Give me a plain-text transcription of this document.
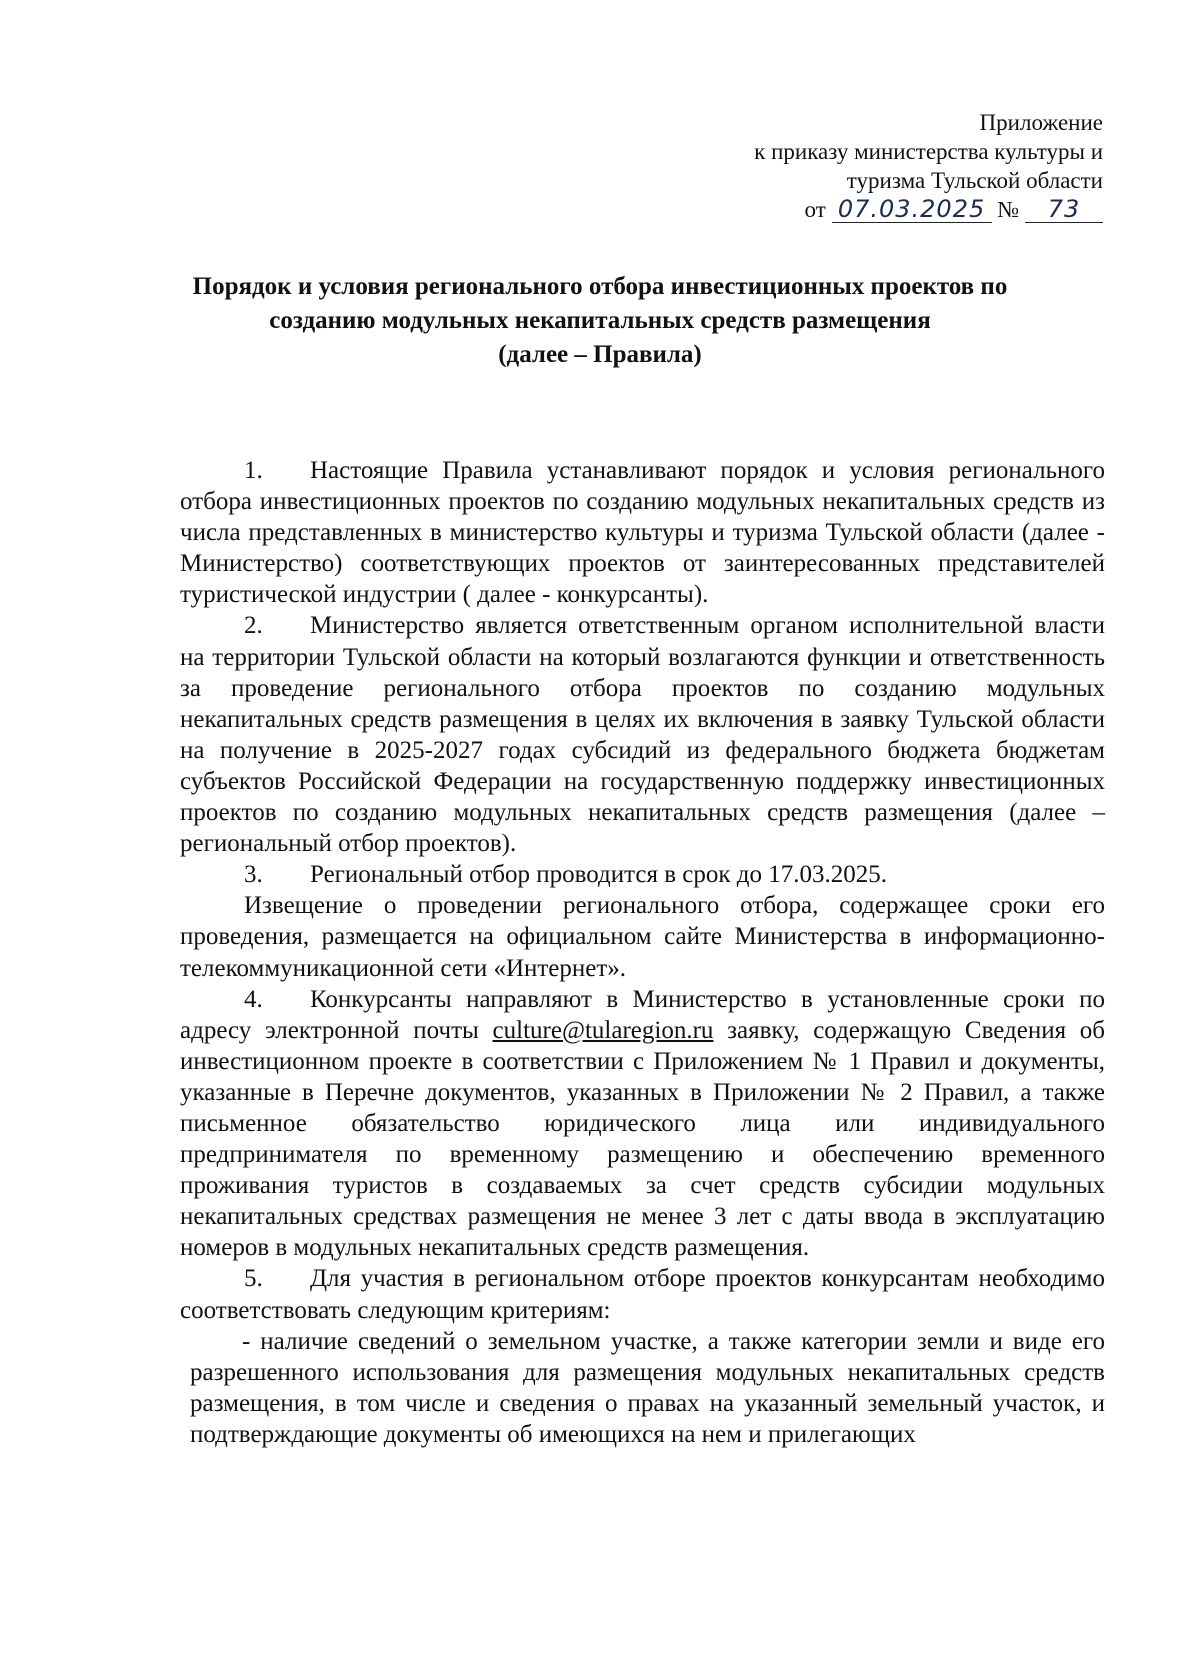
Приложение
к приказу министерства культуры и
туризма Тульской области
от 07.03.2025 № 73
Порядок и условия регионального отбора инвестиционных проектов по
созданию модульных некапитальных средств размещения
(далее – Правила)

1. Настоящие Правила устанавливают порядок и условия регионального отбора инвестиционных проектов по созданию модульных некапитальных средств из числа представленных в министерство культуры и туризма Тульской области (далее - Министерство) соответствующих проектов от заинтересованных представителей туристической индустрии ( далее - конкурсанты).

2. Министерство является ответственным органом исполнительной власти на территории Тульской области на который возлагаются функции и ответственность за проведение регионального отбора проектов по созданию модульных некапитальных средств размещения в целях их включения в заявку Тульской области на получение в 2025-2027 годах субсидий из федерального бюджета бюджетам субъектов Российской Федерации на государственную поддержку инвестиционных проектов по созданию модульных некапитальных средств размещения (далее – региональный отбор проектов).

3. Региональный отбор проводится в срок до 17.03.2025.

Извещение о проведении регионального отбора, содержащее сроки его проведения, размещается на официальном сайте Министерства в информационно-телекоммуникационной сети «Интернет».

4. Конкурсанты направляют в Министерство в установленные сроки по адресу электронной почты culture@tularegion.ru заявку, содержащую Сведения об инвестиционном проекте в соответствии с Приложением № 1 Правил и документы, указанные в Перечне документов, указанных в Приложении № 2 Правил, а также письменное обязательство юридического лица или индивидуального предпринимателя по временному размещению и обеспечению временного проживания туристов в создаваемых за счет средств субсидии модульных некапитальных средствах размещения не менее 3 лет с даты ввода в эксплуатацию номеров в модульных некапитальных средств размещения.

5. Для участия в региональном отборе проектов конкурсантам необходимо соответствовать следующим критериям:

- наличие сведений о земельном участке, а также категории земли и виде его разрешенного использования для размещения модульных некапитальных средств размещения, в том числе и сведения о правах на указанный земельный участок, и подтверждающие документы об имеющихся на нем и прилегающих
